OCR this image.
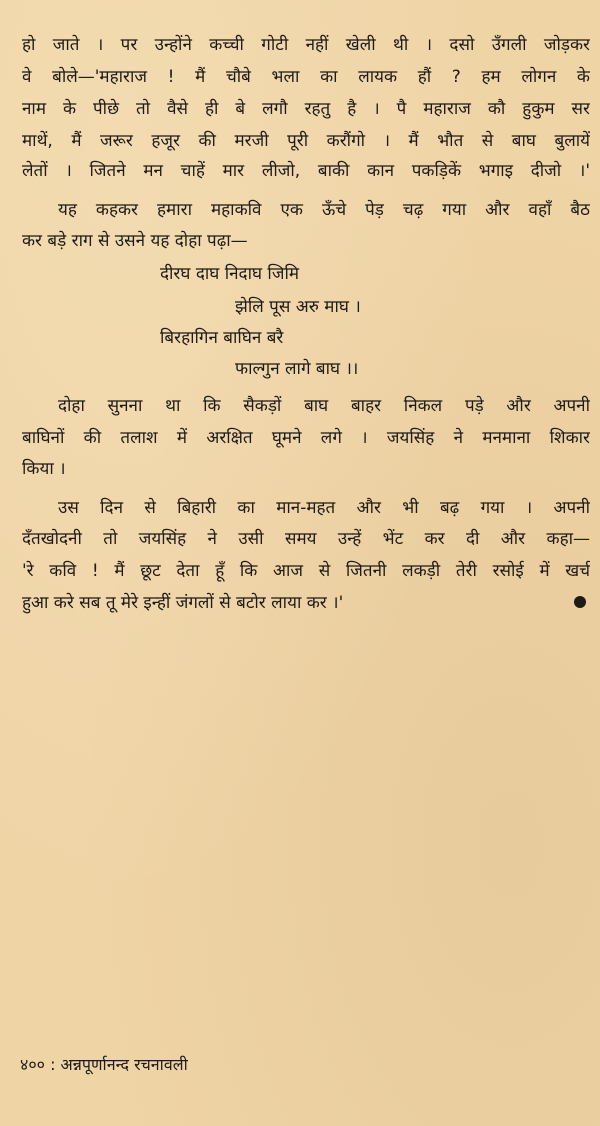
हो जाते । पर उन्होंने कच्ची गोटी नहीं खेली थी । दसो उँगली जोड़कर
वे बोले—'महाराज ! मैं चौबे भला का लायक हौं ? हम लोगन के
नाम के पीछे तो वैसे ही बे लगौ रहतु है । पै महाराज कौ हुकुम सर
माथें, मैं जरूर हजूर की मरजी पूरी करौंगो । मैं भौत से बाघ बुलायें
लेतों । जितने मन चाहें मार लीजो, बाकी कान पकड़िकें भगाइ दीजो ।'
यह कहकर हमारा महाकवि एक ऊँचे पेड़ चढ़ गया और वहाँ बैठ
कर बड़े राग से उसने यह दोहा पढ़ा—
दीरघ दाघ निदाघ जिमि
झेलि पूस अरु माघ ।
बिरहागिन बाघिन बरै
फाल्गुन लागे बाघ ।।
दोहा सुनना था कि सैकड़ों बाघ बाहर निकल पड़े और अपनी
बाघिनों की तलाश में अरक्षित घूमने लगे । जयसिंह ने मनमाना शिकार
किया ।
उस दिन से बिहारी का मान-महत और भी बढ़ गया । अपनी
दँतखोदनी तो जयसिंह ने उसी समय उन्हें भेंट कर दी और कहा—
'रे कवि ! मैं छूट देता हूँ कि आज से जितनी लकड़ी तेरी रसोई में खर्च
हुआ करे सब तू मेरे इन्हीं जंगलों से बटोर लाया कर ।'
४०० : अन्नपूर्णानन्द रचनावली
